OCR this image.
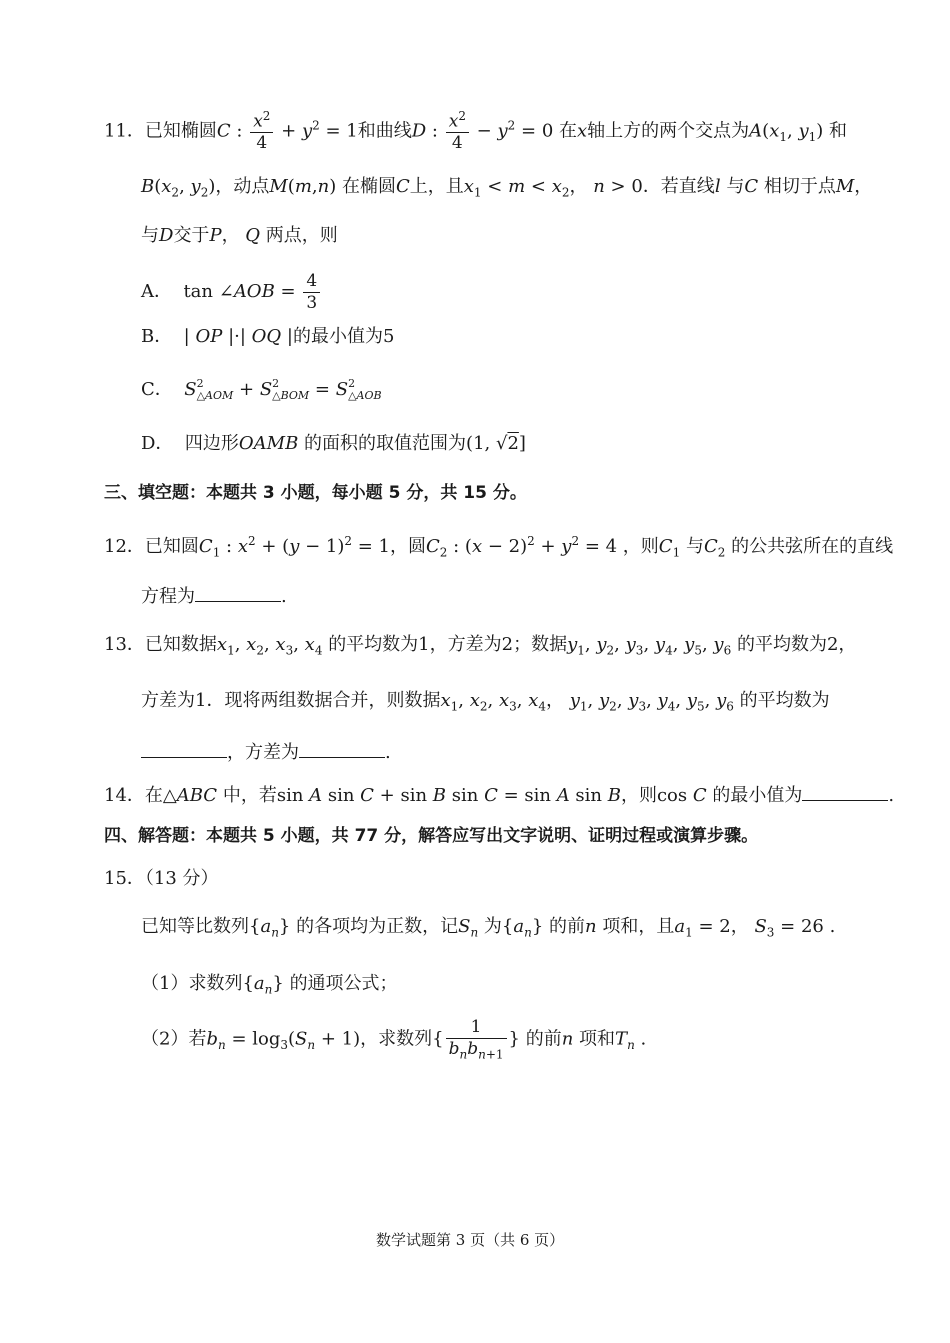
11．已知椭圆C : $\frac{x^2}{4} + y^2 = 1$和曲线D : $\frac{x^2}{4} - y^2 = 0$ 在x轴上方的两个交点为$A(x_1$, $y_1$) 和
$B(x_2$, $y_2$)，动点M(m,n) 在椭圆C上，且$x_1 < m < x_2$， n > 0．若直线l 与C 相切于点M，
与D交于P， Q 两点，则
A．  tan ∠AOB = $\frac{4}{3}$
B．  | OP |·| OQ |的最小值为5
C． S 2
△AOM + S 2
△BOM = S 2
△AOB
D． 四边形OAMB 的面积的取值范围为(1, √2]
三、填空题：本题共 3 小题，每小题 5 分，共 15 分。
12．已知圆$C_1$ : $x^2 + (y - 1)^2 = 1$，圆$C_2$ : $(x - 2)^2 + y^2 = 4$ ，则$C_1$ 与$C_2$ 的公共弦所在的直线
方程为	.
13．已知数据$x_1$, $x_2$, $x_3$, $x_4$ 的平均数为1，方差为2；数据$y_1$, $y_2$, $y_3$, $y_4$, $y_5$, $y_6$ 的平均数为2，
方差为1．现将两组数据合并，则数据$x_1$, $x_2$, $x_3$, $x_4$， $y_1$, $y_2$, $y_3$, $y_4$, $y_5$, $y_6$ 的平均数为
，方差为	.
14．在△ABC 中，若sin A sin C + sin B sin C = sin A sin B，则cos C 的最小值为	.
四、解答题：本题共 5 小题，共 77 分，解答应写出文字说明、证明过程或演算步骤。
15．（13 分）
已知等比数列$\{a_n\}$ 的各项均为正数，记$S_n$ 为$\{a_n\}$ 的前n 项和，且$a_1 = 2$， $S_3 = 26$ .
（1）求数列$\{a_n\}$ 的通项公式；
（2）若$b_n = \log_3(S_n + 1)$，求数列{ $\frac{1}{b_nb_{n+1}}$ } 的前n 项和$T_n$ .
数学试题第 3 页（共 6 页）
